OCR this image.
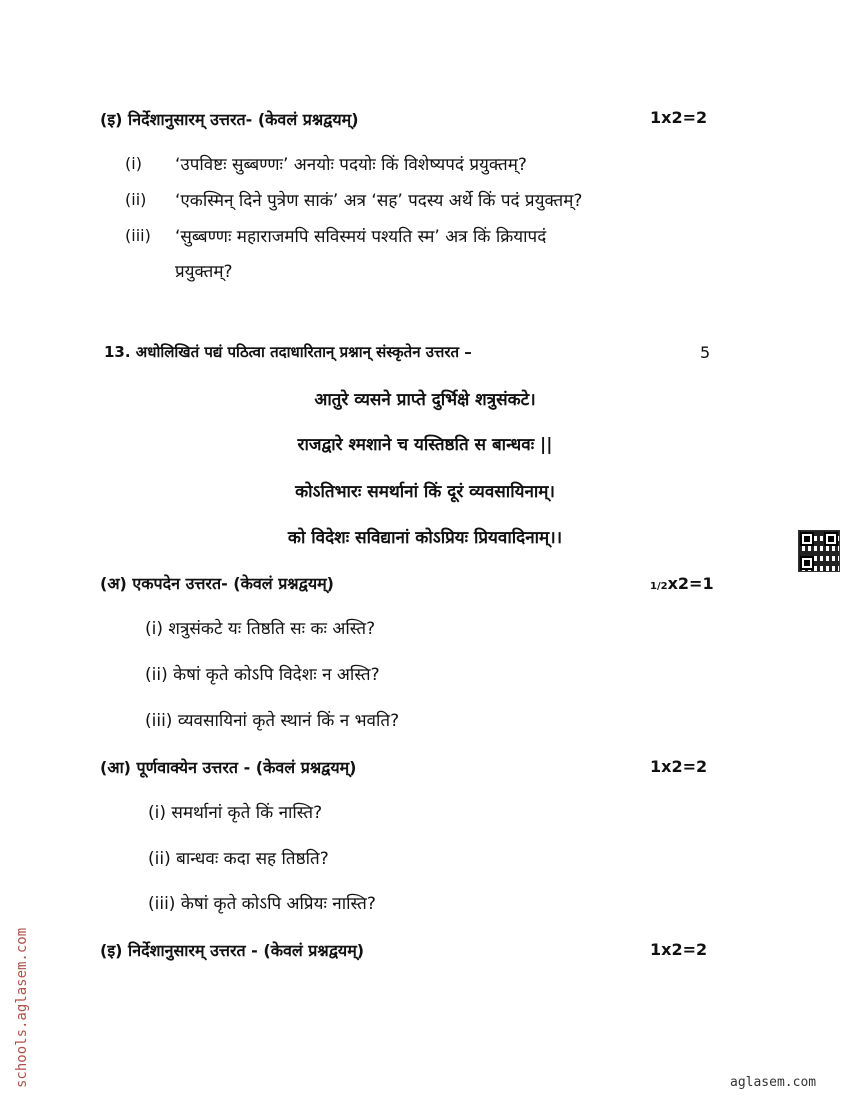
(इ) निर्देशानुसारम् उत्तरत- (केवलं प्रश्नद्वयम्)	1x2=2
(i) ‘उपविष्टः सुब्बण्णः’ अनयोः पदयोः किं विशेष्यपदं प्रयुक्तम्?
(ii) ‘एकस्मिन् दिने पुत्रेण साकं’ अत्र ‘सह’ पदस्य अर्थे किं पदं प्रयुक्तम्?
(iii) ‘सुब्बण्णः महाराजमपि सविस्मयं पश्यति स्म’ अत्र किं क्रियापदं
प्रयुक्तम्?
13. अधोलिखितं पद्यं पठित्वा तदाधारितान् प्रश्नान् संस्कृतेन उत्तरत –	5
आतुरे व्यसने प्राप्ते दुर्भिक्षे शत्रुसंकटे।
राजद्वारे श्मशाने च यस्तिष्ठति स बान्धवः ||
कोऽतिभारः समर्थानां किं दूरं व्यवसायिनाम्।
को विदेशः सविद्यानां कोऽप्रियः प्रियवादिनाम्।।
(अ) एकपदेन उत्तरत- (केवलं प्रश्नद्वयम्)	1/2x2=1
(i) शत्रुसंकटे यः तिष्ठति सः कः अस्ति?
(ii) केषां कृते कोऽपि विदेशः न अस्ति?
(iii) व्यवसायिनां कृते स्थानं किं न भवति?
(आ) पूर्णवाक्येन उत्तरत - (केवलं प्रश्नद्वयम्)	1x2=2
(i) समर्थानां कृते किं नास्ति?
(ii) बान्धवः कदा सह तिष्ठति?
(iii) केषां कृते कोऽपि अप्रियः नास्ति?
(इ) निर्देशानुसारम् उत्तरत - (केवलं प्रश्नद्वयम्)	1x2=2
schools.aglasem.com	aglasem.com
